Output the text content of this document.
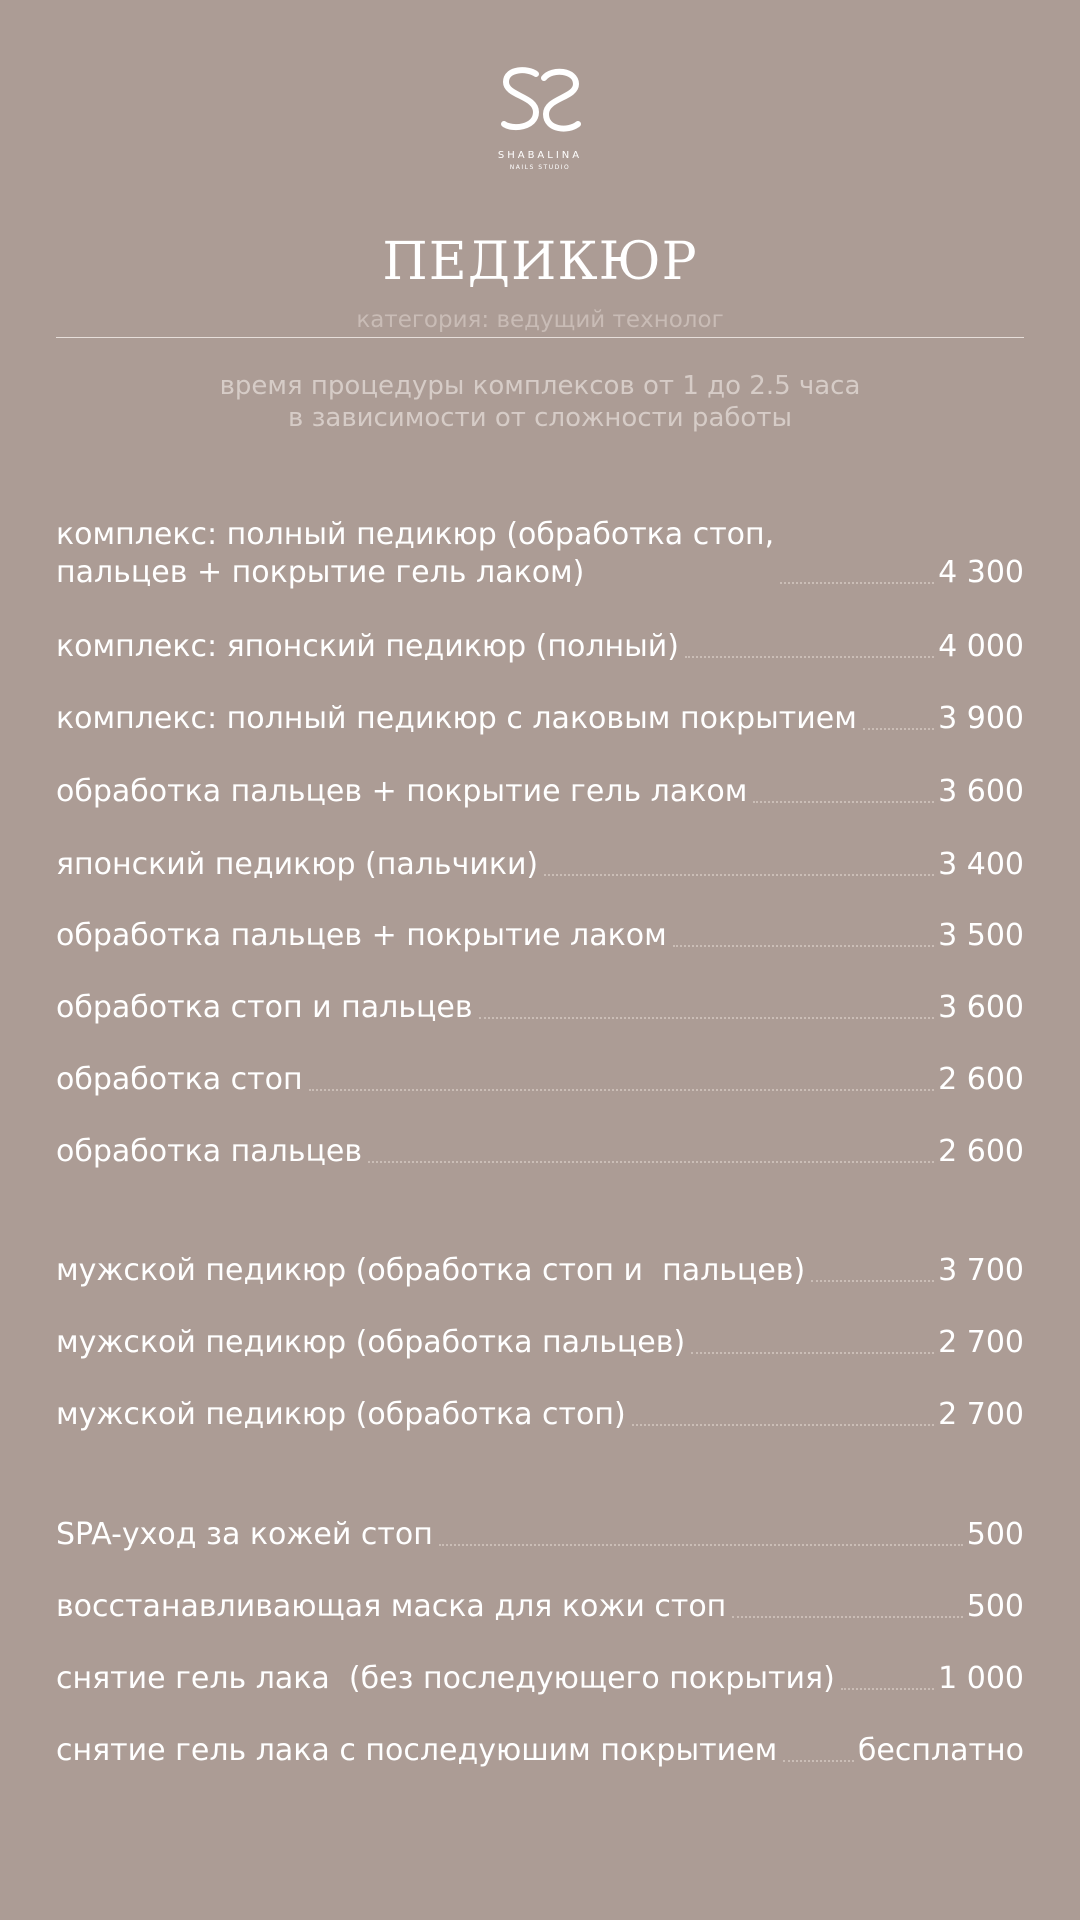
SHABALINA
NAILS STUDIO
ПЕДИКЮР
категория: ведущий технолог
время процедуры комплексов от 1 до 2.5 часа
в зависимости от сложности работы
комплекс: полный педикюр (обработка стоп,
пальцев + покрытие гель лаком)	4 300
комплекс: японский педикюр (полный)	4 000
комплекс: полный педикюр с лаковым покрытием	3 900
обработка пальцев + покрытие гель лаком	3 600
японский педикюр (пальчики)	3 400
обработка пальцев + покрытие лаком	3 500
обработка стоп и пальцев	3 600
обработка стоп	2 600
обработка пальцев	2 600
мужской педикюр (обработка стоп и  пальцев)	3 700
мужской педикюр (обработка пальцев)	2 700
мужской педикюр (обработка стоп)	2 700
SPA-уход за кожей стоп	500
восстанавливающая маска для кожи стоп	500
снятие гель лака  (без последующего покрытия)	1 000
снятие гель лака с последуюшим покрытием	бесплатно
